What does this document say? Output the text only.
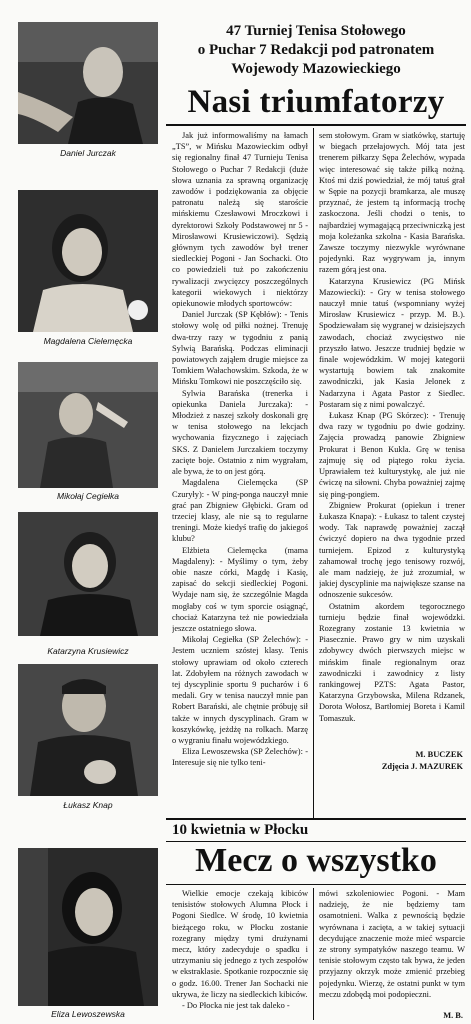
Daniel Jurczak
Magdalena Cielemęcka
Mikołaj Cegiełka
Katarzyna Krusiewicz
Łukasz Knap
Eliza Lewoszewska
47 Turniej Tenisa Stołowego
o Puchar 7 Redakcji pod patronatem
Wojewody Mazowieckiego
Nasi triumfatorzy

Jak już informowaliśmy na łamach „TS”, w Mińsku Mazowieckim odbył się regionalny finał 47 Turnieju Tenisa Stołowego o Puchar 7 Redakcji (duże słowa uznania za sprawną organizację zawodów i podziękowania za objęcie patronatu należą się staroście mińskiemu Czesławowi Mroczkowi i dyrektorowi Szkoły Podstawowej nr 5 - Mirosławowi Krusiewiczowi). Sędzią głównym tych zawodów był trener siedleckiej Pogoni - Jan Sochacki. Oto co powiedzieli tuż po zakończeniu rywalizacji zwycięzcy poszczególnych kategorii wiekowych i niektórzy opiekunowie młodych sportowców:

Daniel Jurczak (SP Kębłów): - Tenis stołowy wolę od piłki nożnej. Trenuję dwa-trzy razy w tygodniu z panią Sylwią Barańską. Podczas eliminacji powiatowych zająłem drugie miejsce za Tomkiem Wałachowskim. Szkoda, że w Mińsku Tomkowi nie poszczęściło się.

Sylwia Barańska (trenerka i opiekunka Daniela Jurczaka): - Młodzież z naszej szkoły doskonali grę w tenisa stołowego na lekcjach wychowania fizycznego i zajęciach SKS. Z Danielem Jurczakiem toczymy zacięte boje. Ostatnio z nim wygrałam, ale bywa, że to on jest górą.

Magdalena Cielemęcka (SP Czuryły): - W ping-ponga nauczył mnie grać pan Zbigniew Głębicki. Gram od trzeciej klasy, ale nie są to regularne treningi. Może kiedyś trafię do jakiegoś klubu?

Elżbieta Cielemęcka (mama Magdaleny): - Myślimy o tym, żeby obie nasze córki, Magdę i Kasię, zapisać do sekcji siedleckiej Pogoni. Wydaje nam się, że szczególnie Magda mogłaby coś w tym sporcie osiągnąć, chociaż Katarzyna też nie powiedziała jeszcze ostatniego słowa.

Mikołaj Cegiełka (SP Żelechów): - Jestem uczniem szóstej klasy. Tenis stołowy uprawiam od około czterech lat. Zdobyłem na różnych zawodach w tej dyscyplinie sportu 9 pucharów i 6 medali. Gry w tenisa nauczył mnie pan Robert Barański, ale chętnie próbuję sił także w innych dyscyplinach. Gram w koszykówkę, jeżdżę na rolkach. Marzę o wygraniu finału wojewódzkiego.

Eliza Lewoszewska (SP Żelechów): - Interesuje się nie tylko teni-

sem stołowym. Gram w siatkówkę, startuję w biegach przełajowych. Mój tata jest trenerem piłkarzy Sępa Żelechów, wypada więc interesować się także piłką nożną. Ktoś mi dziś powiedział, że mój tatuś grał w Sępie na pozycji bramkarza, ale muszę przyznać, że jestem tą informacją trochę zaskoczona. Jeśli chodzi o tenis, to najbardziej wymagającą przeciwniczką jest moja koleżanka szkolna - Kasia Barańska. Zawsze toczymy niezwykle wyrównane pojedynki. Raz wygrywam ja, innym razem górą jest ona.

Katarzyna Krusiewicz (PG Mińsk Mazowiecki): - Gry w tenisa stołowego nauczył mnie tatuś (wspomniany wyżej Mirosław Krusiewicz - przyp. M. B.). Spodziewałam się wygranej w dzisiejszych zawodach, chociaż zwycięstwo nie przyszło łatwo. Jeszcze trudniej będzie w finale wojewódzkim. W mojej kategorii wystartują bowiem tak znakomite zawodniczki, jak Kasia Jelonek z Nadarzyna i Agata Pastor z Siedlec. Postaram się z nimi powalczyć.

Łukasz Knap (PG Skórzec): - Trenuję dwa razy w tygodniu po dwie godziny. Zajęcia prowadzą panowie Zbigniew Prokurat i Benon Kukla. Grę w tenisa zajmuję się od piątego roku życia. Uprawiałem też kulturystykę, ale już nie ćwiczę na siłowni. Chyba poważniej zajmę się ping-pongiem.

Zbigniew Prokurat (opiekun i trener Łukasza Knapa): - Łukasz to talent czystej wody. Tak naprawdę poważniej zaczął ćwiczyć dopiero na dwa tygodnie przed turniejem. Epizod z kulturystyką zahamował trochę jego tenisowy rozwój, ale mam nadzieję, że już zrozumiał, w jakiej dyscyplinie ma największe szanse na odnoszenie sukcesów.

Ostatnim akordem tegorocznego turnieju będzie finał wojewódzki. Rozegrany zostanie 13 kwietnia w Piasecznie. Prawo gry w nim uzyskali zdobywcy dwóch pierwszych miejsc w mińskim finale regionalnym oraz zawodniczki i zawodnicy z listy rankingowej PZTS: Agata Pastor, Katarzyna Grzybowska, Milena Rdzanek, Dorota Wołosz, Bartłomiej Boreta i Kamil Tomaszuk.

M. BUCZEK
Zdjęcia J. MAZUREK
10 kwietnia w Płocku
Mecz o wszystko

Wielkie emocje czekają kibiców tenisistów stołowych Alumna Płock i Pogoni Siedlce. W środę, 10 kwietnia bieżącego roku, w Płocku zostanie rozegrany między tymi drużynami mecz, który zadecyduje o spadku i utrzymaniu się jednego z tych zespołów w ekstraklasie. Spotkanie rozpocznie się o godz. 16.00. Trener Jan Sochacki nie ukrywa, że liczy na siedleckich kibiców.

- Do Płocka nie jest tak daleko -

mówi szkoleniowiec Pogoni. - Mam nadzieję, że nie będziemy tam osamotnieni. Walka z pewnością będzie wyrównana i zacięta, a w takiej sytuacji decydujące znaczenie może mieć wsparcie ze strony sympatyków naszego teamu. W tenisie stołowym często tak bywa, że jeden przyjazny okrzyk może zmienić przebieg pojedynku. Wierzę, że ostatni punkt w tym meczu zdobędą moi podopieczni.

M. B.
